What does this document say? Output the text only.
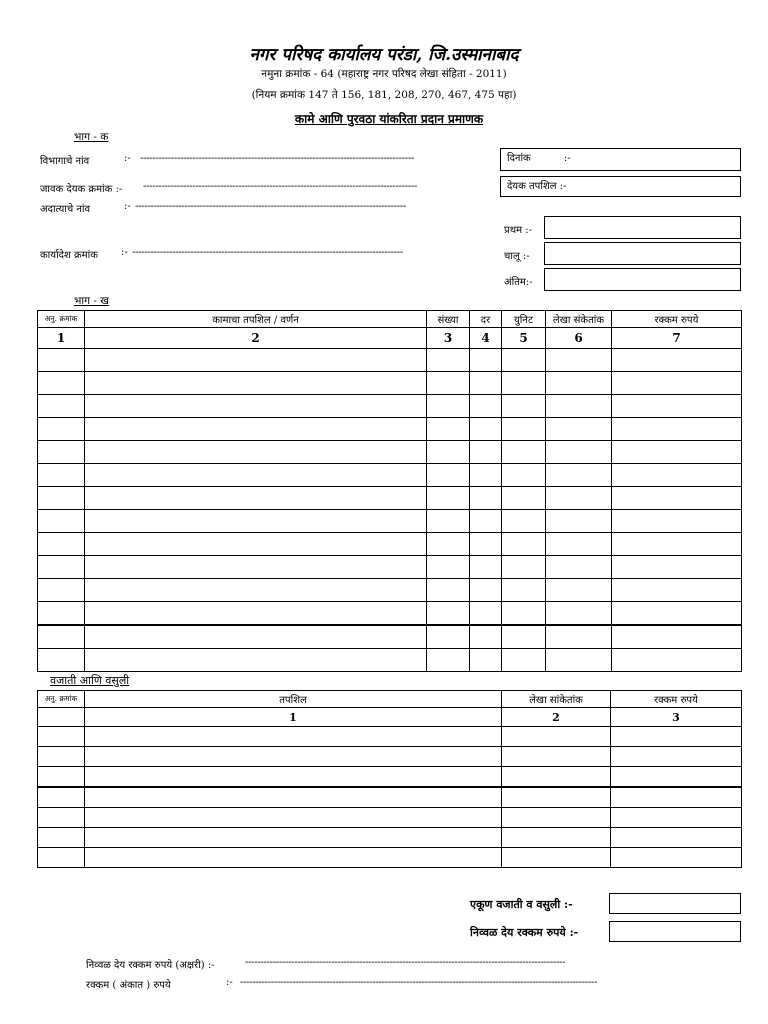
नगर परिषद कार्यालय परंडा, जि.उस्मानाबाद
नमुना क्रमांक - 64 (महाराष्ट्र नगर परिषद लेखा संहिता - 2011)
(नियम क्रमांक 147 ते 156, 181, 208, 270, 467, 475 पहा)
कामे आणि पुरवठा यांकरिता प्रदान प्रमाणक
भाग - क
विभागाचे नांव	:- -----------------------------------------------------------------------------------------
जावक देयक क्रमांक :- -----------------------------------------------------------------------------------------
अदात्याचे नांव	:- ----------------------------------------------------------------------------------------
कार्यादेश क्रमांक :- ----------------------------------------------------------------------------------------
दिनांक	:-
देयक तपशिल :-
प्रथम :-
चालू :-
अंतिम:-
भाग - ख
अनु. क्रमांक	कामाचा तपशिल / वर्णन	संख्या	दर	युनिट	लेखा संकेतांक	रक्कम रुपये
1	2	3	4	5	6	7

वजाती आणि वसुली
अनु. क्रमांक	तपशिल	लेखा सांकेतांक	रक्कम रुपये
	1	2	3

एकूण वजाती व वसुली :-
निव्वळ देय रक्कम रुपये :-
निव्वळ देय रक्कम रुपये (अक्षरी) :-	--------------------------------------------------------------------------------------------------------
रक्कम ( अंकात ) रुपये	:- --------------------------------------------------------------------------------------------------------------------
